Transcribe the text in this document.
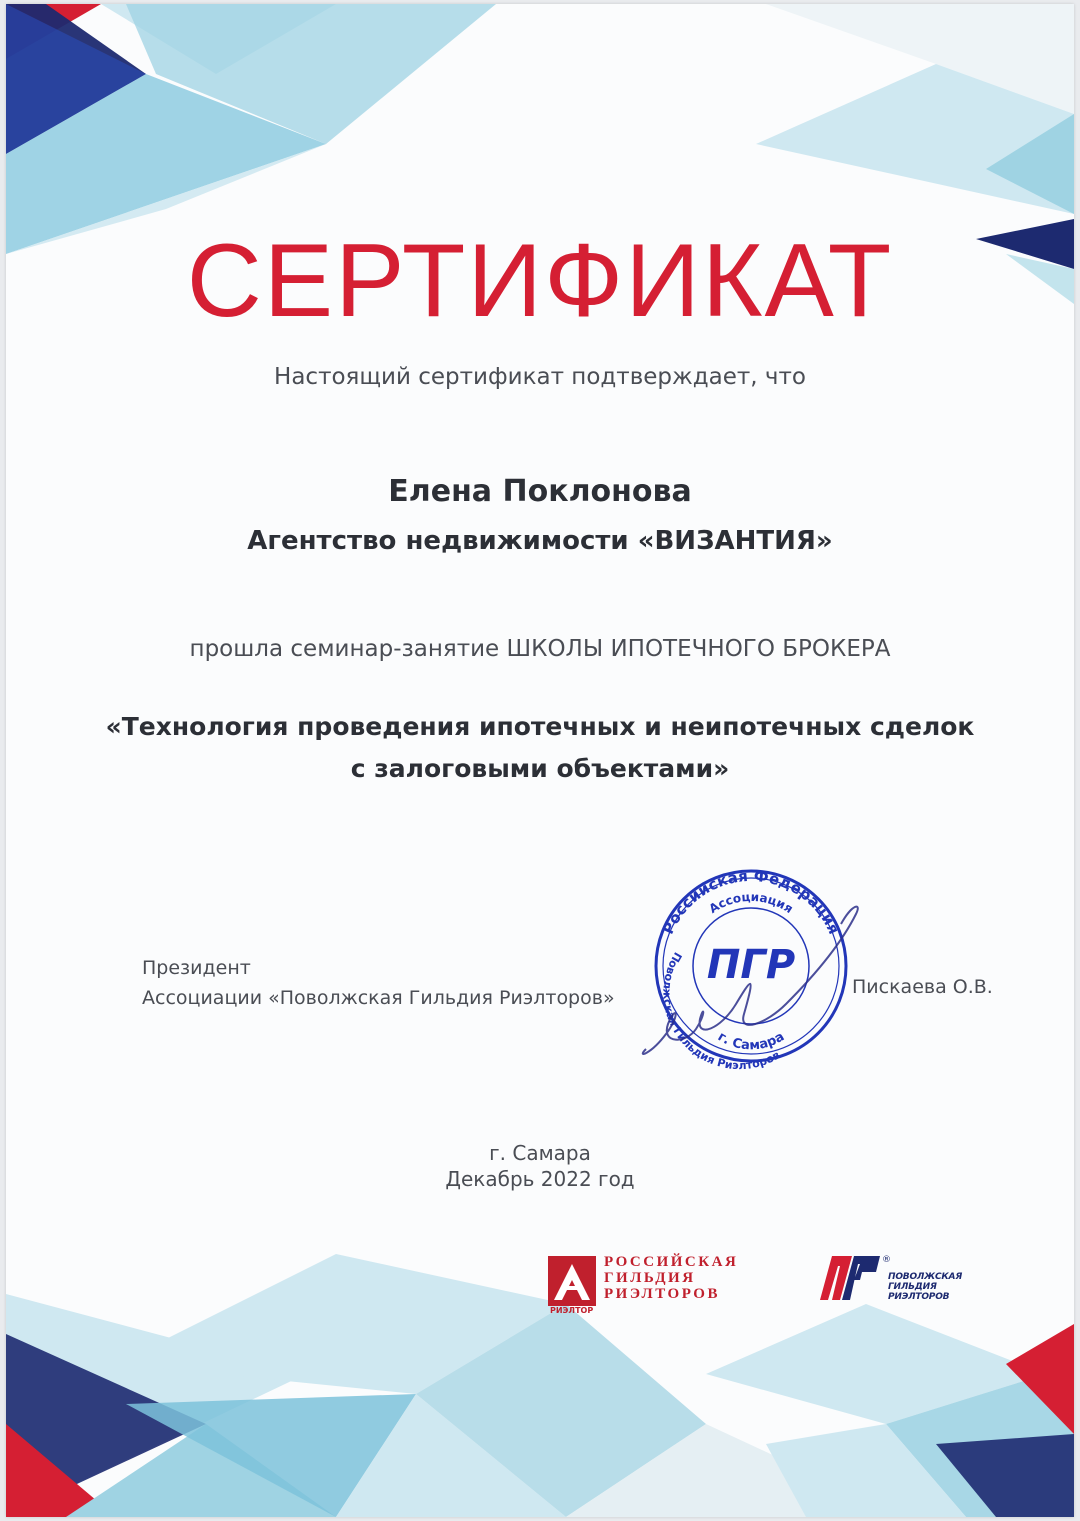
СЕРТИФИКАТ
Настоящий сертификат подтверждает, что
Елена Поклонова
Агентство недвижимости «ВИЗАНТИЯ»
прошла семинар-занятие ШКОЛЫ ИПОТЕЧНОГО БРОКЕРА
«Технология проведения ипотечных и неипотечных сделок
с залоговыми объектами»
Президент
Ассоциации «Поволжская Гильдия Риэлторов»	Пискаева О.В.
Российская Федерация
Ассоциация
Поволжская Гильдия Риэлторов
г. Самара
ПГР
г. Самара
Декабрь 2022 год
РОССИЙСКАЯ
ГИЛЬДИЯ
РИЭЛТОРОВ
РИЭЛТОР
®
ПОВОЛЖСКАЯ
ГИЛЬДИЯ
РИЭЛТОРОВ
